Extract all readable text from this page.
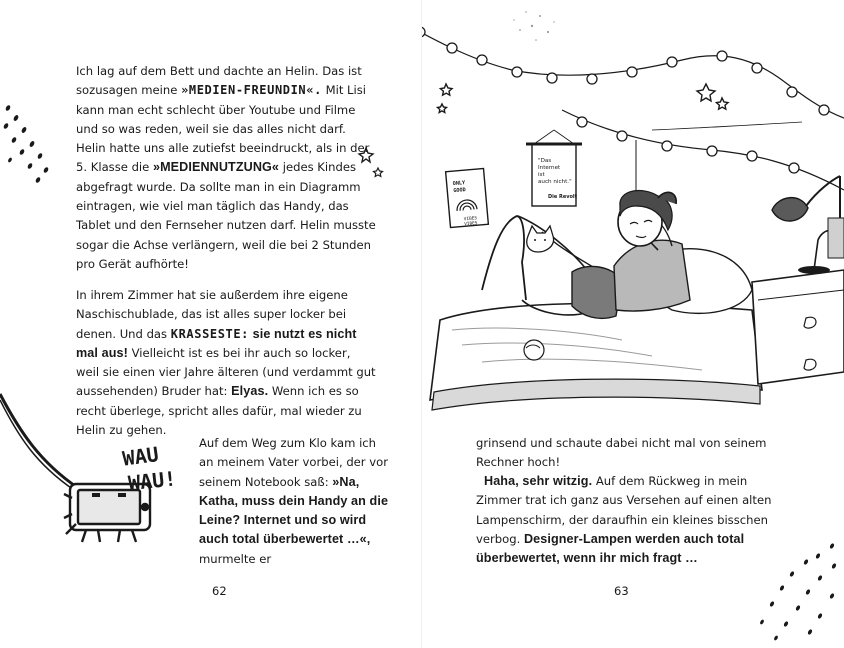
Ich lag auf dem Bett und dachte an Helin. Das ist sozusagen meine »MEDIEN-FREUNDIN«. Mit Lisi kann man echt schlecht über Youtube und Filme und so was reden, weil sie das alles nicht darf. Helin hatte uns alle zutiefst beeindruckt, als in der 5. Klasse die »MEDIENNUTZUNG« jedes Kindes abgefragt wurde. Da sollte man in ein Diagramm eintragen, wie viel man täglich das Handy, das Tablet und den Fernseher nutzen darf. Helin musste sogar die Achse verlängern, weil die bei 2 Stunden pro Gerät aufhörte!
In ihrem Zimmer hat sie außerdem ihre eigene Naschischublade, das ist alles super locker bei denen. Und das KRASSESTE: sie nutzt es nicht mal aus! Vielleicht ist es bei ihr auch so locker, weil sie einen vier Jahre älteren (und verdammt gut aussehenden) Bruder hat: Elyas. Wenn ich es so recht überlege, spricht alles dafür, mal wieder zu Helin zu gehen.
Auf dem Weg zum Klo kam ich an meinem Vater vorbei, der vor seinem Notebook saß: »Na, Katha, muss dein Handy an die Leine? Internet und so wird auch total überbewertet …«, murmelte er
WAU
WAU!
62
"Das
Internet
ist
auch nicht."
Die Revolt
ONLY
GOOD
VIBES
VIBES
grinsend und schaute dabei nicht mal von seinem Rechner hoch!
Haha, sehr witzig. Auf dem Rückweg in mein Zimmer trat ich ganz aus Versehen auf einen alten Lampenschirm, der daraufhin ein kleines bisschen verbog. Designer-Lampen werden auch total überbewertet, wenn ihr mich fragt …
63
